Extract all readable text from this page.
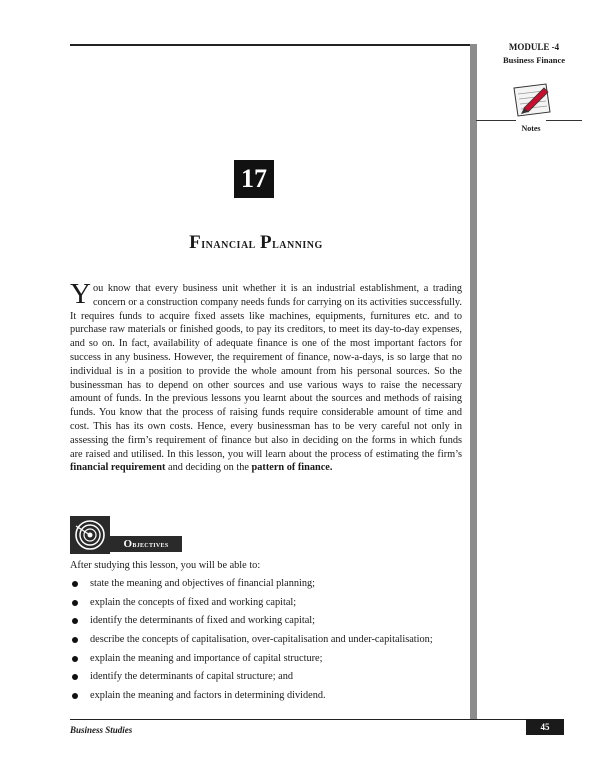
MODULE -4
Business Finance
Notes
17
Financial Planning
You know that every business unit whether it is an industrial establishment, a trading concern or a construction company needs funds for carrying on its activities successfully. It requires funds to acquire fixed assets like machines, equipments, furnitures etc. and to purchase raw materials or finished goods, to pay its creditors, to meet its day-to-day expenses, and so on. In fact, availability of adequate finance is one of the most important factors for success in any business. However, the requirement of finance, now-a-days, is so large that no individual is in a position to provide the whole amount from his personal sources. So the businessman has to depend on other sources and use various ways to raise the necessary amount of funds. In the previous lessons you learnt about the sources and methods of raising funds. You know that the process of raising funds require considerable amount of time and cost. This has its own costs. Hence, every businessman has to be very careful not only in assessing the firm’s requirement of finance but also in deciding on the forms in which funds are raised and utilised. In this lesson, you will learn about the process of estimating the firm’s financial requirement and deciding on the pattern of finance.
O bjectives
After studying this lesson, you will be able to:
state the meaning and objectives of financial planning;
explain the concepts of fixed and working capital;
identify the determinants of fixed and working capital;
describe the concepts of capitalisation, over-capitalisation and under-capitalisation;
explain the meaning and importance of capital structure;
identify the determinants of capital structure; and
explain the meaning and factors in determining dividend.
Business Studies	45
